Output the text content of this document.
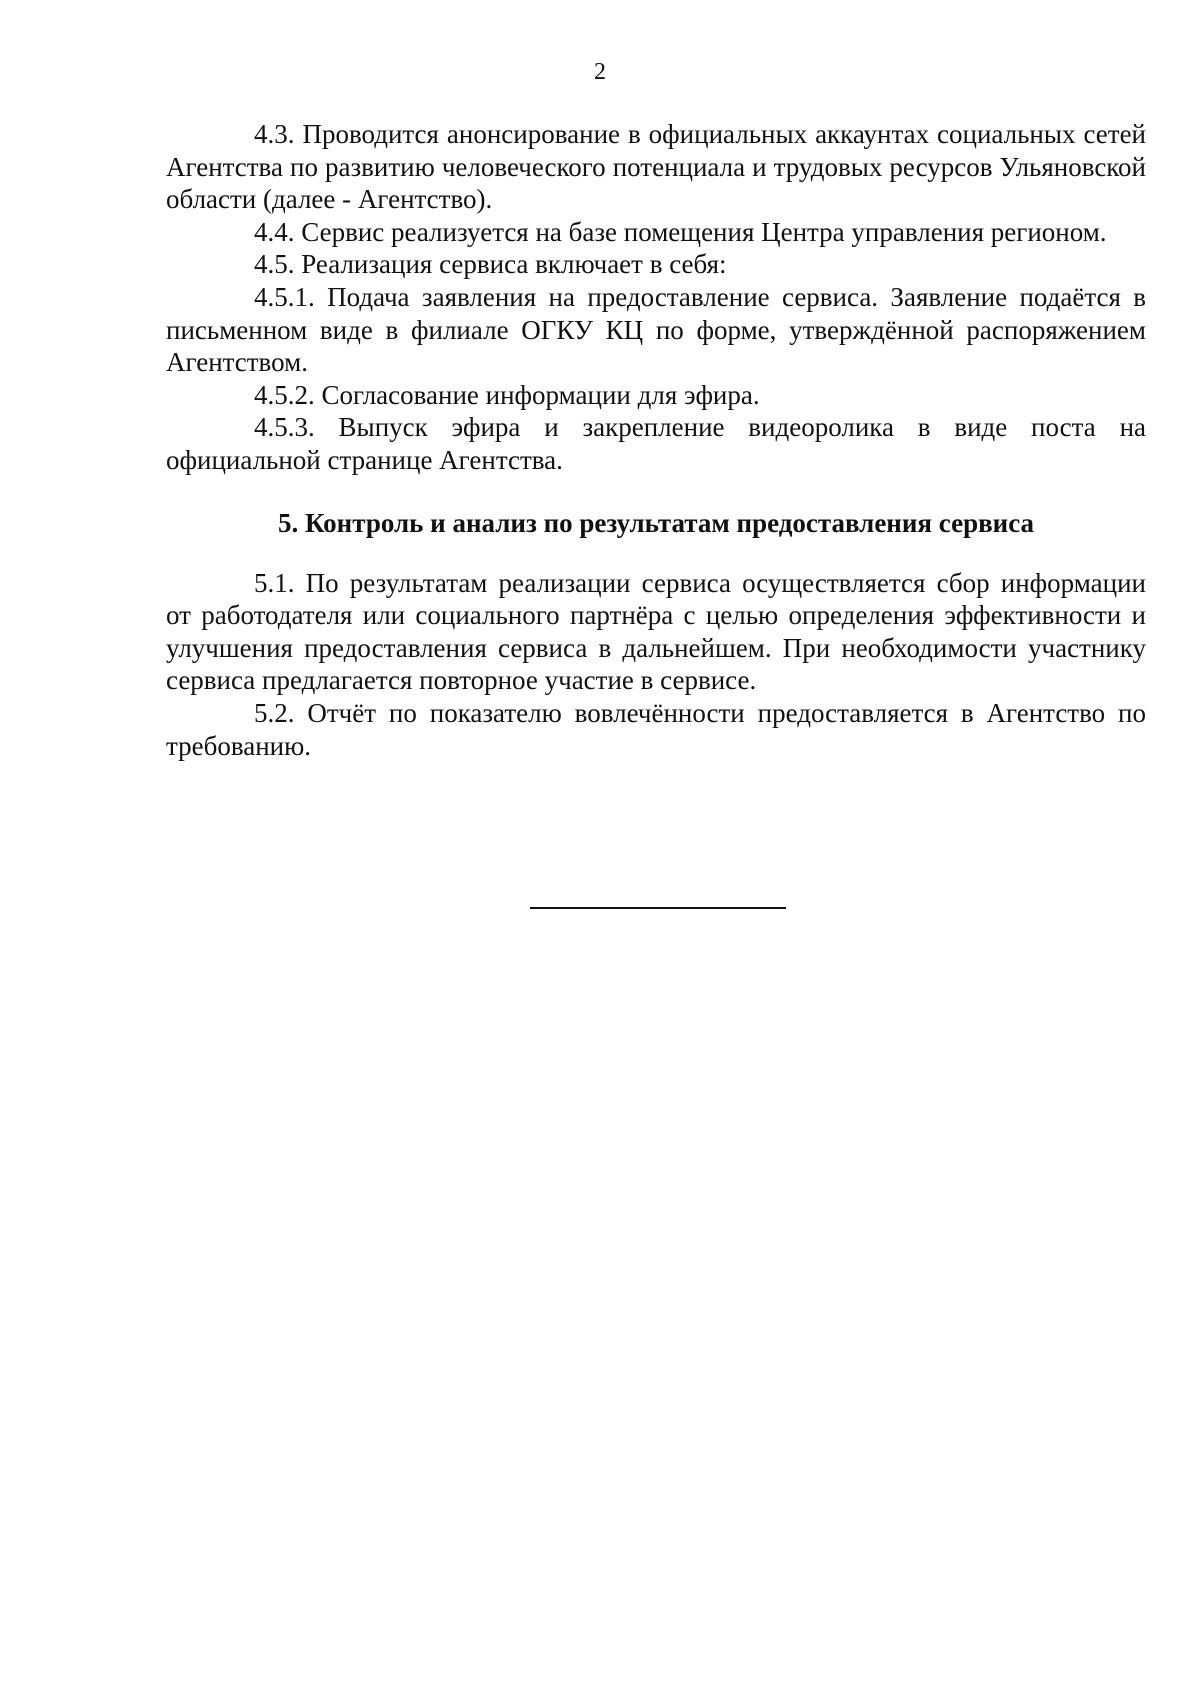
2

4.3. Проводится анонсирование в официальных аккаунтах социальных сетей Агентства по развитию человеческого потенциала и трудовых ресурсов Ульяновской области (далее - Агентство).

4.4. Сервис реализуется на базе помещения Центра управления регионом.

4.5. Реализация сервиса включает в себя:

4.5.1. Подача заявления на предоставление сервиса. Заявление подаётся в письменном виде в филиале ОГКУ КЦ по форме, утверждённой распоряжением Агентством.

4.5.2. Согласование информации для эфира.

4.5.3. Выпуск эфира и закрепление видеоролика в виде поста на официальной странице Агентства.

5. Контроль и анализ по результатам предоставления сервиса

5.1. По результатам реализации сервиса осуществляется сбор информации от работодателя или социального партнёра с целью определения эффективности и улучшения предоставления сервиса в дальнейшем. При необходимости участнику сервиса предлагается повторное участие в сервисе.

5.2. Отчёт по показателю вовлечённости предоставляется в Агентство по требованию.
